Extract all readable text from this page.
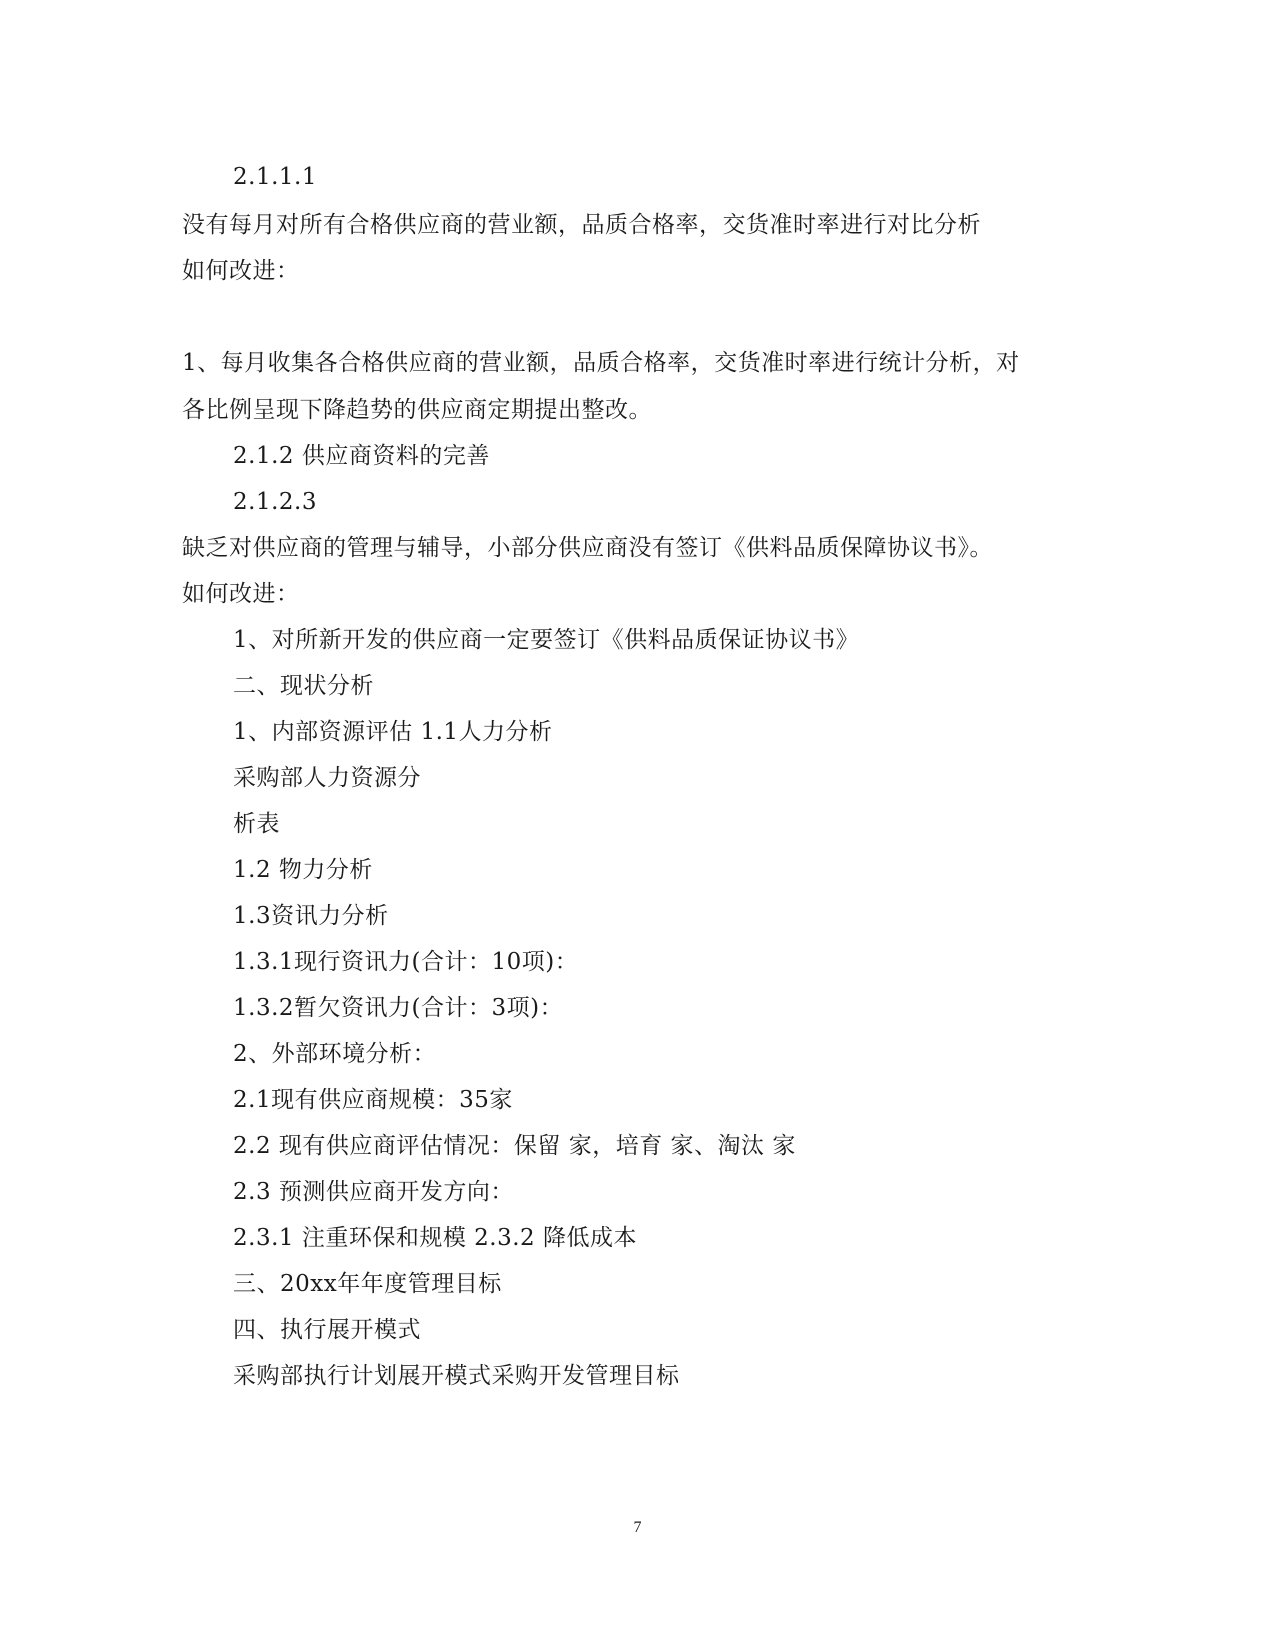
2.1.1.1
没有每月对所有合格供应商的营业额，品质合格率，交货准时率进行对比分析
如何改进：
1、每月收集各合格供应商的营业额，品质合格率，交货准时率进行统计分析，对
各比例呈现下降趋势的供应商定期提出整改。
2.1.2 供应商资料的完善
2.1.2.3
缺乏对供应商的管理与辅导，小部分供应商没有签订《供料品质保障协议书》。
如何改进：
1、对所新开发的供应商一定要签订《供料品质保证协议书》
二、现状分析
1、内部资源评估 1.1人力分析
采购部人力资源分
析表
1.2 物力分析
1.3资讯力分析
1.3.1现行资讯力(合计：10项)：
1.3.2暂欠资讯力(合计：3项)：
2、外部环境分析：
2.1现有供应商规模：35家
2.2 现有供应商评估情况：保留 家，培育 家、淘汰 家
2.3 预测供应商开发方向：
2.3.1 注重环保和规模 2.3.2 降低成本
三、20xx年年度管理目标
四、执行展开模式
采购部执行计划展开模式采购开发管理目标
7
